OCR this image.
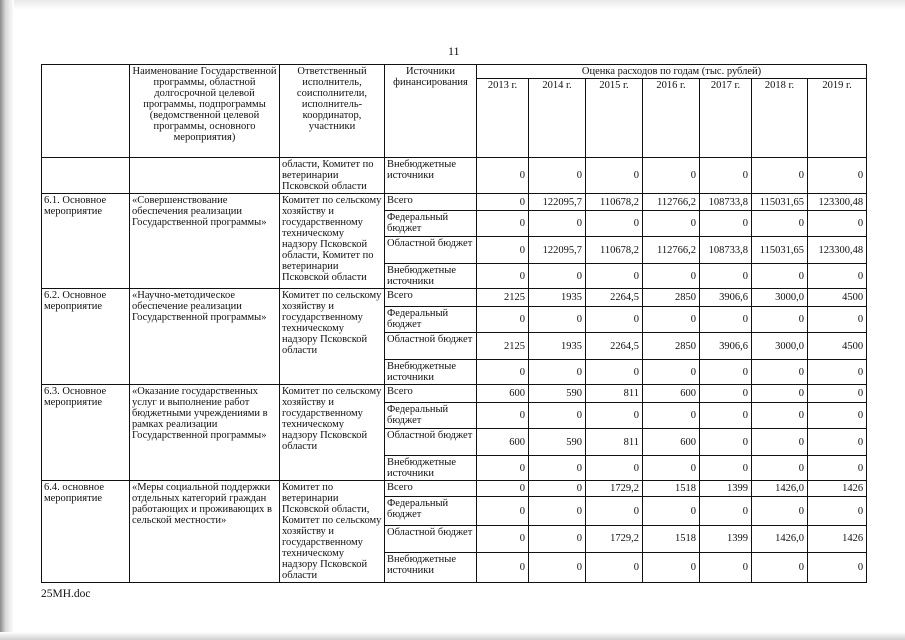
11
	Наименование Государственной программы, областной долгосрочной целевой программы, подпрограммы (ведомственной целевой программы, основного мероприятия)	Ответственный исполнитель, соисполнители, исполнитель-координатор, участники	Источники финансирования	Оценка расходов по годам (тыс. рублей)						
				2013 г.	2014 г.	2015 г.	2016 г.	2017 г.	2018 г.	2019 г.
		области, Комитет по ветеринарии Псковской области	Внебюджетные источники	0	0	0	0	0	0	0
6.1. Основное мероприятие	«Совершенствование обеспечения реализации Государственной программы»	Комитет по сельскому хозяйству и государственному техническому надзору Псковской области, Комитет по ветеринарии Псковской области	Всего	0	122095,7	110678,2	112766,2	108733,8	115031,65	123300,48
			Федеральный бюджет	0	0	0	0	0	0	0
			Областной бюджет	0	122095,7	110678,2	112766,2	108733,8	115031,65	123300,48
			Внебюджетные источники	0	0	0	0	0	0	0
6.2. Основное мероприятие	«Научно-методическое обеспечение реализации Государственной программы»	Комитет по сельскому хозяйству и государственному техническому надзору Псковской области	Всего	2125	1935	2264,5	2850	3906,6	3000,0	4500
			Федеральный бюджет	0	0	0	0	0	0	0
			Областной бюджет	2125	1935	2264,5	2850	3906,6	3000,0	4500
			Внебюджетные источники	0	0	0	0	0	0	0
6.3. Основное мероприятие	«Оказание государственных услуг и выполнение работ бюджетными учреждениями в рамках реализации Государственной программы»	Комитет по сельскому хозяйству и государственному техническому надзору Псковской области	Всего	600	590	811	600	0	0	0
			Федеральный бюджет	0	0	0	0	0	0	0
			Областной бюджет	600	590	811	600	0	0	0
			Внебюджетные источники	0	0	0	0	0	0	0
6.4. основное мероприятие	«Меры социальной поддержки отдельных категорий граждан работающих и проживающих в сельской местности»	Комитет по ветеринарии Псковской области, Комитет по сельскому хозяйству и государственному техническому надзору Псковской области	Всего	0	0	1729,2	1518	1399	1426,0	1426
			Федеральный бюджет	0	0	0	0	0	0	0
			Областной бюджет	0	0	1729,2	1518	1399	1426,0	1426
			Внебюджетные источники	0	0	0	0	0	0	0
25MH.doc
